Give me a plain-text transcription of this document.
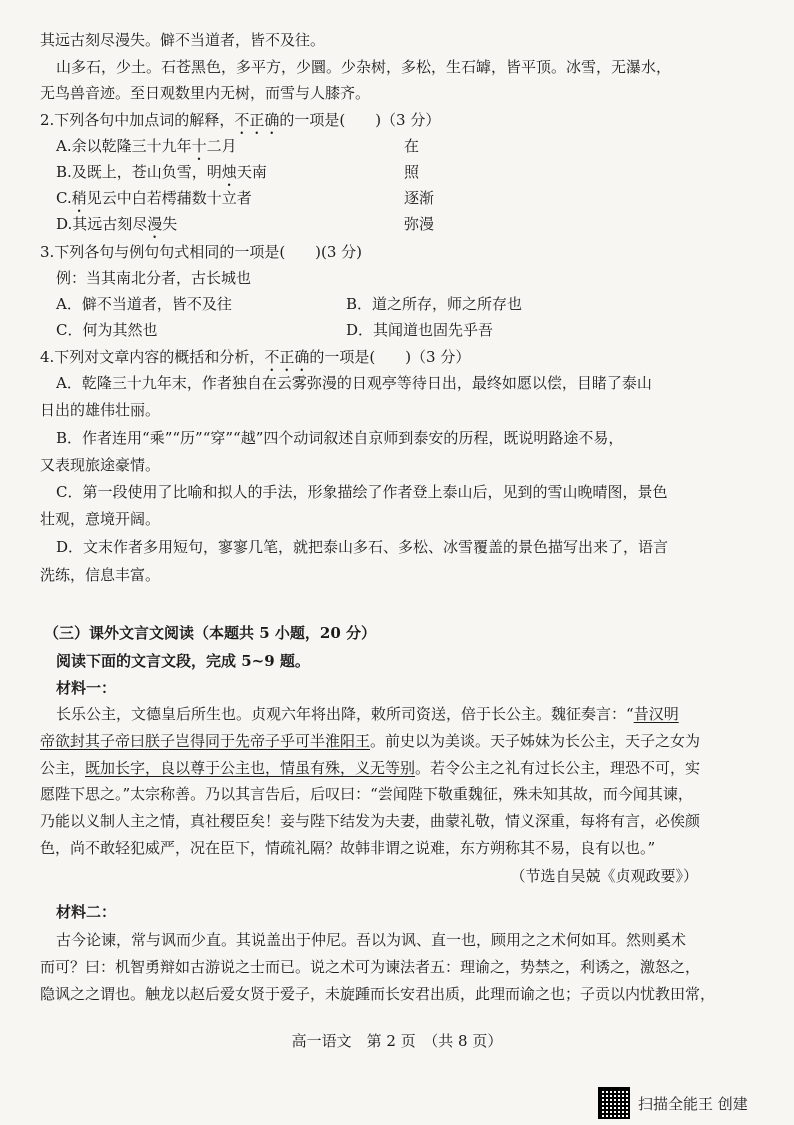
其远古刻尽漫失。僻不当道者，皆不及往。
山多石，少土。石苍黑色，多平方，少圜。少杂树，多松，生石罅，皆平顶。冰雪，无瀑水，
无鸟兽音迹。至日观数里内无树，而雪与人膝齐。
2.下列各句中加点词的解释，不正确的一项是(　　)（3 分）
A.余以乾隆三十九年十二月	在
B.及既上，苍山负雪，明烛天南	照
C.稍见云中白若樗蒱数十立者	逐渐
D.其远古刻尽漫失	弥漫
3.下列各句与例句句式相同的一项是(　　)(3 分)
例：当其南北分者，古长城也
A．僻不当道者，皆不及往	B．道之所存，师之所存也
C．何为其然也	D．其闻道也固先乎吾
4.下列对文章内容的概括和分析，不正确的一项是(　　)（3 分）
A．乾隆三十九年末，作者独自在云雾弥漫的日观亭等待日出，最终如愿以偿，目睹了泰山
日出的雄伟壮丽。
B．作者连用“乘”“历”“穿”“越”四个动词叙述自京师到泰安的历程，既说明路途不易，
又表现旅途豪情。
C．第一段使用了比喻和拟人的手法，形象描绘了作者登上泰山后，见到的雪山晚晴图，景色
壮观，意境开阔。
D．文末作者多用短句，寥寥几笔，就把泰山多石、多松、冰雪覆盖的景色描写出来了，语言
洗练，信息丰富。
（三）课外文言文阅读（本题共 5 小题，20 分）
阅读下面的文言文段，完成 5~9 题。
材料一：
长乐公主，文德皇后所生也。贞观六年将出降，敕所司资送，倍于长公主。魏征奏言：“昔汉明
帝欲封其子帝曰朕子岂得同于先帝子乎可半淮阳王。前史以为美谈。天子姊妹为长公主，天子之女为
公主，既加长字，良以尊于公主也，情虽有殊，义无等别。若令公主之礼有过长公主，理恐不可，实
愿陛下思之。”太宗称善。乃以其言告后，后叹曰：“尝闻陛下敬重魏征，殊未知其故，而今闻其谏，
乃能以义制人主之情，真社稷臣矣！妾与陛下结发为夫妻，曲蒙礼敬，情义深重，每将有言，必俟颜
色，尚不敢轻犯威严，况在臣下，情疏礼隔？故韩非谓之说难，东方朔称其不易，良有以也。”
（节选自吴兢《贞观政要》）
材料二：
古今论谏，常与讽而少直。其说盖出于仲尼。吾以为讽、直一也，顾用之之术何如耳。然则奚术
而可？曰：机智勇辩如古游说之士而已。说之术可为谏法者五：理谕之，势禁之，利诱之，激怒之，
隐讽之之谓也。触龙以赵后爱女贤于爱子，未旋踵而长安君出质，此理而谕之也；子贡以内忧教田常，
高一语文　第 2 页　（共 8 页）
扫描全能王 创建
